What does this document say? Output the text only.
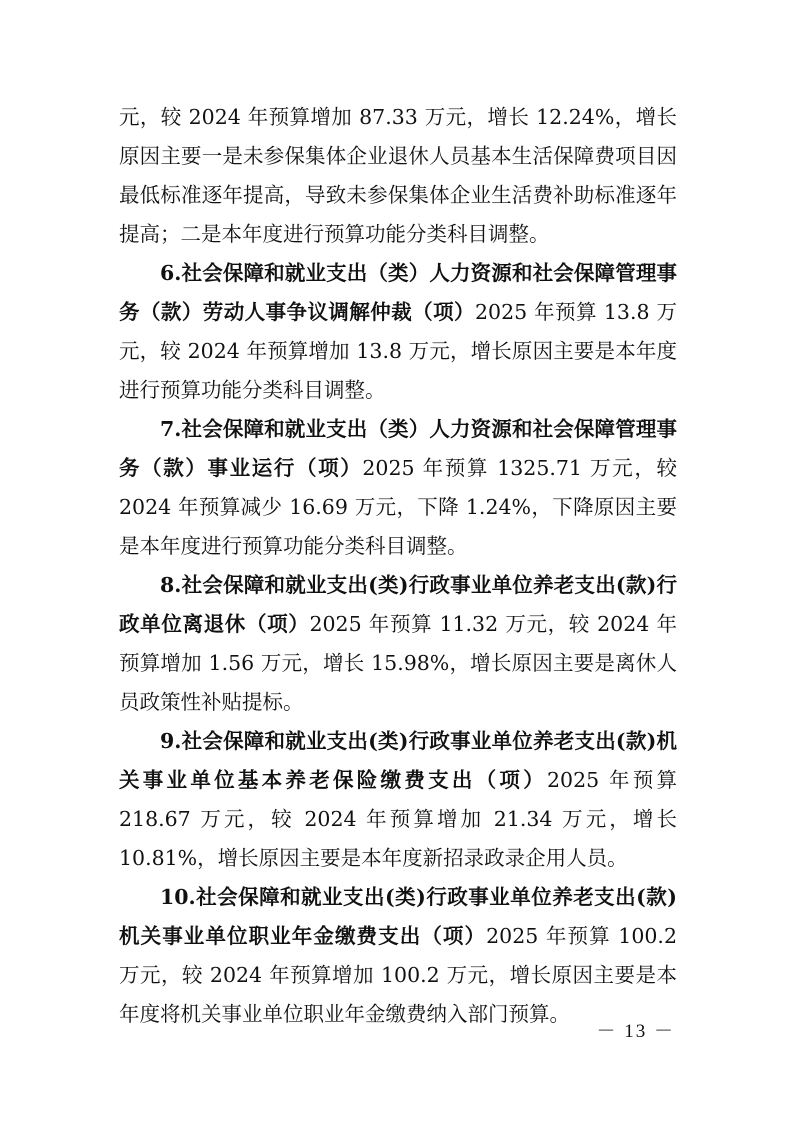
元，较 2024 年预算增加 87.33 万元，增长 12.24%，增长原因主要一是未参保集体企业退休人员基本生活保障费项目因最低标准逐年提高，导致未参保集体企业生活费补助标准逐年提高；二是本年度进行预算功能分类科目调整。

6.社会保障和就业支出（类）人力资源和社会保障管理事务（款）劳动人事争议调解仲裁（项）2025 年预算 13.8 万元，较 2024 年预算增加 13.8 万元，增长原因主要是本年度进行预算功能分类科目调整。

7.社会保障和就业支出（类）人力资源和社会保障管理事务（款）事业运行（项）2025 年预算 1325.71 万元，较 2024 年预算减少 16.69 万元，下降 1.24%，下降原因主要是本年度进行预算功能分类科目调整。

8.社会保障和就业支出(类)行政事业单位养老支出(款)行政单位离退休（项）2025 年预算 11.32 万元，较 2024 年预算增加 1.56 万元，增长 15.98%，增长原因主要是离休人员政策性补贴提标。

9.社会保障和就业支出(类)行政事业单位养老支出(款)机关事业单位基本养老保险缴费支出（项）2025 年预算 218.67 万元，较 2024 年预算增加 21.34 万元，增长 10.81%，增长原因主要是本年度新招录政录企用人员。

10.社会保障和就业支出(类)行政事业单位养老支出(款)机关事业单位职业年金缴费支出（项）2025 年预算 100.2 万元，较 2024 年预算增加 100.2 万元，增长原因主要是本年度将机关事业单位职业年金缴费纳入部门预算。

－ 13 －
